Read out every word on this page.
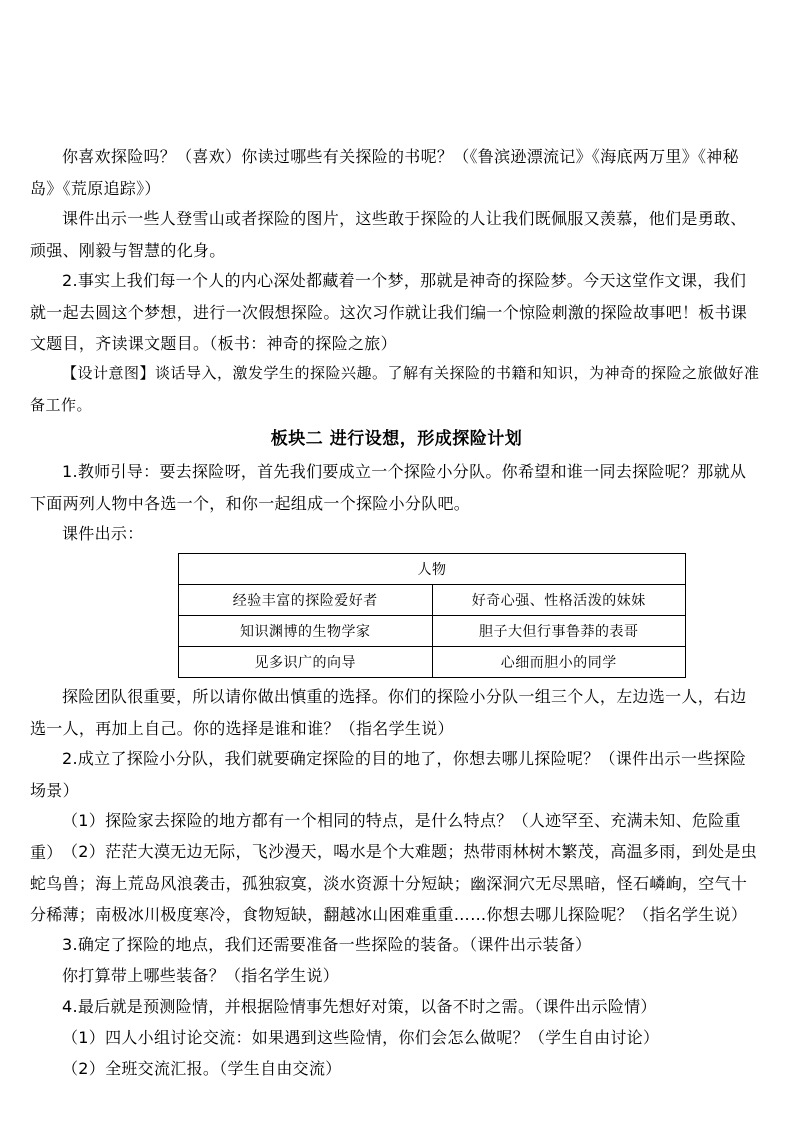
你喜欢探险吗？（喜欢）你读过哪些有关探险的书呢？（《鲁滨逊漂流记》《海底两万里》《神秘岛》《荒原追踪》）

课件出示一些人登雪山或者探险的图片，这些敢于探险的人让我们既佩服又羡慕，他们是勇敢、顽强、刚毅与智慧的化身。

2.事实上我们每一个人的内心深处都藏着一个梦，那就是神奇的探险梦。今天这堂作文课，我们就一起去圆这个梦想，进行一次假想探险。这次习作就让我们编一个惊险刺激的探险故事吧！板书课文题目，齐读课文题目。（板书：神奇的探险之旅）

【设计意图】谈话导入，激发学生的探险兴趣。了解有关探险的书籍和知识，为神奇的探险之旅做好准备工作。

板块二 进行设想，形成探险计划

1.教师引导：要去探险呀，首先我们要成立一个探险小分队。你希望和谁一同去探险呢？那就从下面两列人物中各选一个，和你一起组成一个探险小分队吧。

课件出示：

人物	
经验丰富的探险爱好者	好奇心强、性格活泼的妹妹
知识渊博的生物学家	胆子大但行事鲁莽的表哥
见多识广的向导	心细而胆小的同学

探险团队很重要，所以请你做出慎重的选择。你们的探险小分队一组三个人，左边选一人，右边选一人，再加上自己。你的选择是谁和谁？（指名学生说）

2.成立了探险小分队，我们就要确定探险的目的地了，你想去哪儿探险呢？（课件出示一些探险场景）

（1）探险家去探险的地方都有一个相同的特点，是什么特点？（人迹罕至、充满未知、危险重重） （2）茫茫大漠无边无际，飞沙漫天，喝水是个大难题；热带雨林树木繁茂，高温多雨，到处是虫蛇鸟兽；海上荒岛风浪袭击，孤独寂寞，淡水资源十分短缺；幽深洞穴无尽黑暗，怪石嶙峋，空气十分稀薄；南极冰川极度寒冷，食物短缺，翻越冰山困难重重……你想去哪儿探险呢？（指名学生说）

3.确定了探险的地点，我们还需要准备一些探险的装备。（课件出示装备）

你打算带上哪些装备？（指名学生说）

4.最后就是预测险情，并根据险情事先想好对策，以备不时之需。（课件出示险情）

（1）四人小组讨论交流：如果遇到这些险情，你们会怎么做呢？（学生自由讨论）

（2）全班交流汇报。（学生自由交流）
